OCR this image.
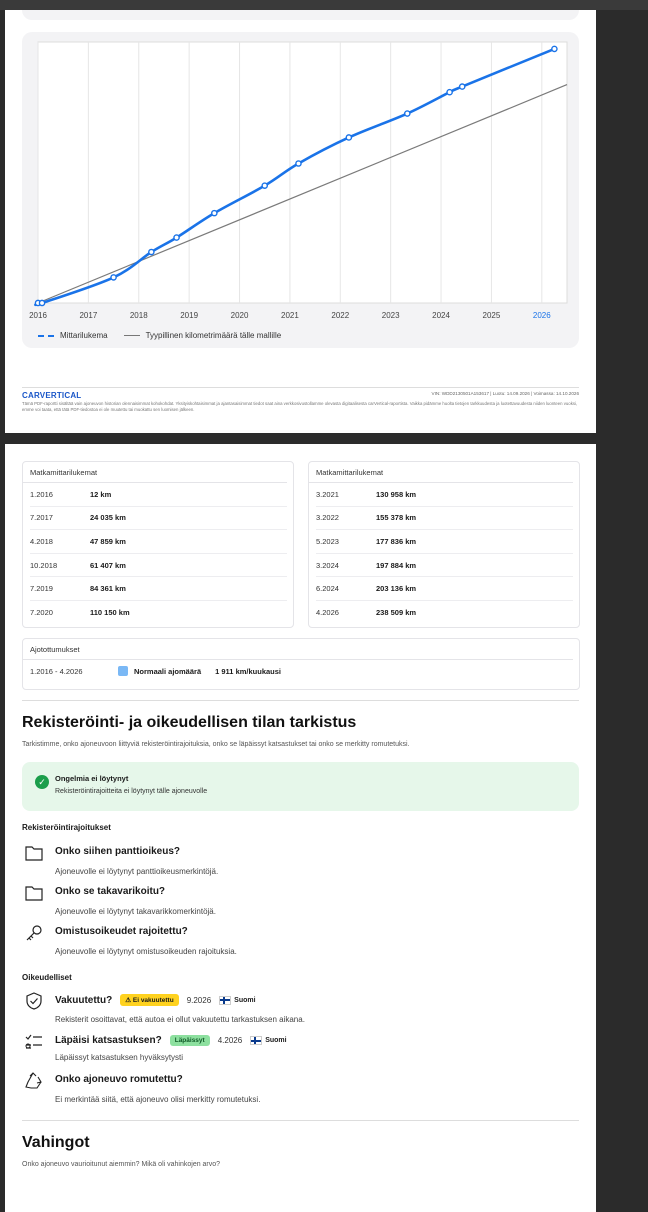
2016	2017	2018	2019	2020	2021	2022	2023	2024	2025	2026
Mittarilukema	Tyypillinen kilometrimäärä tälle mallille
CARVERTICAL	VIN: WDD2130501A153617 | Luotu: 14.09.2026 | Voimassa: 14.10.2026
Tämä PDF-raportti sisältää vain ajoneuvon historian olennaisimmat kohokohdat. Yksityiskohtaisimmat ja ajantasaisimmat tiedot saat aina verkkosivustollamme olevasta digitaalisesta carVertical-raportista. Vaikka pidämme huolta tietojen tarkkuudesta ja luotettavuudesta niiden luonteen vuoksi, emme voi taata, että tätä PDF-tiedostoa ei ole muutettu tai muokattu sen luomisen jälkeen.
Matkamittarilukemat
1.2016	12 km
7.2017	24 035 km
4.2018	47 859 km
10.2018	61 407 km
7.2019	84 361 km
7.2020	110 150 km
Matkamittarilukemat
3.2021	130 958 km
3.2022	155 378 km
5.2023	177 836 km
3.2024	197 884 km
6.2024	203 136 km
4.2026	238 509 km
Ajotottumukset
1.2016 - 4.2026	Normaali ajomäärä 1 911 km/kuukausi
Rekisteröinti- ja oikeudellisen tilan tarkistus
Tarkistimme, onko ajoneuvoon liittyviä rekisteröintirajoituksia, onko se läpäissyt katsastukset tai onko se merkitty romutetuksi.
✓	Ongelmia ei löytynyt
Rekisteröintirajoitteita ei löytynyt tälle ajoneuvolle
Rekisteröintirajoitukset
Onko siihen panttioikeus?
Ajoneuvolle ei löytynyt panttioikeusmerkintöjä.
Onko se takavarikoitu?
Ajoneuvolle ei löytynyt takavarikkomerkintöjä.
Omistusoikeudet rajoitettu?
Ajoneuvolle ei löytynyt omistusoikeuden rajoituksia.
Oikeudelliset
Vakuutettu?	⚠ Ei vakuutettu	9.2026	Suomi
Rekisterit osoittavat, että autoa ei ollut vakuutettu tarkastuksen aikana.
Läpäisi katsastuksen?	Läpäissyt	4.2026	Suomi
Läpäissyt katsastuksen hyväksytysti
Onko ajoneuvo romutettu?
Ei merkintää siitä, että ajoneuvo olisi merkitty romutetuksi.
Vahingot
Onko ajoneuvo vaurioitunut aiemmin? Mikä oli vahinkojen arvo?
